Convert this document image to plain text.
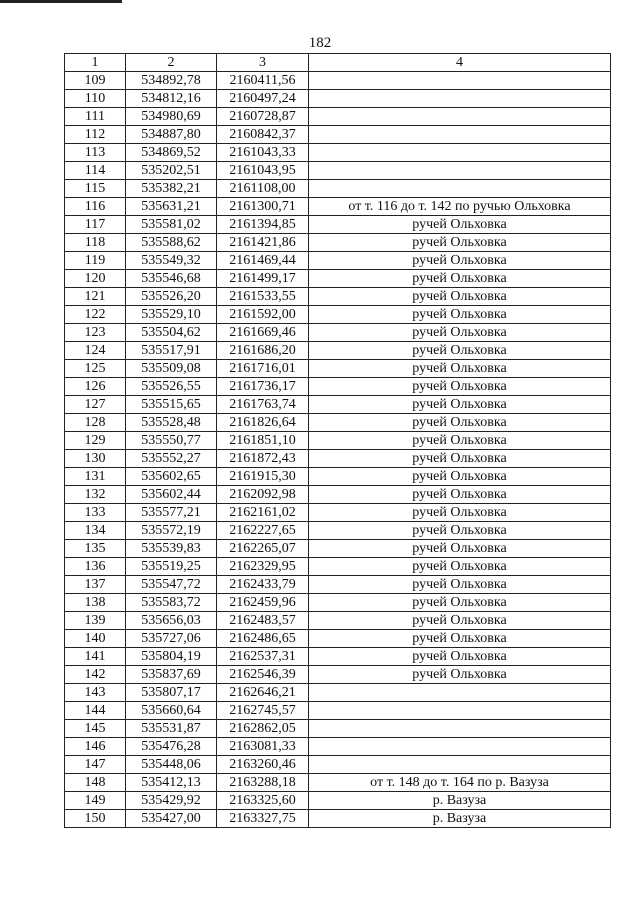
182
1	2	3	4
109	534892,78	2160411,56	
110	534812,16	2160497,24	
111	534980,69	2160728,87	
112	534887,80	2160842,37	
113	534869,52	2161043,33	
114	535202,51	2161043,95	
115	535382,21	2161108,00	
116	535631,21	2161300,71	от т. 116 до т. 142 по ручью Ольховка
117	535581,02	2161394,85	ручей Ольховка
118	535588,62	2161421,86	ручей Ольховка
119	535549,32	2161469,44	ручей Ольховка
120	535546,68	2161499,17	ручей Ольховка
121	535526,20	2161533,55	ручей Ольховка
122	535529,10	2161592,00	ручей Ольховка
123	535504,62	2161669,46	ручей Ольховка
124	535517,91	2161686,20	ручей Ольховка
125	535509,08	2161716,01	ручей Ольховка
126	535526,55	2161736,17	ручей Ольховка
127	535515,65	2161763,74	ручей Ольховка
128	535528,48	2161826,64	ручей Ольховка
129	535550,77	2161851,10	ручей Ольховка
130	535552,27	2161872,43	ручей Ольховка
131	535602,65	2161915,30	ручей Ольховка
132	535602,44	2162092,98	ручей Ольховка
133	535577,21	2162161,02	ручей Ольховка
134	535572,19	2162227,65	ручей Ольховка
135	535539,83	2162265,07	ручей Ольховка
136	535519,25	2162329,95	ручей Ольховка
137	535547,72	2162433,79	ручей Ольховка
138	535583,72	2162459,96	ручей Ольховка
139	535656,03	2162483,57	ручей Ольховка
140	535727,06	2162486,65	ручей Ольховка
141	535804,19	2162537,31	ручей Ольховка
142	535837,69	2162546,39	ручей Ольховка
143	535807,17	2162646,21	
144	535660,64	2162745,57	
145	535531,87	2162862,05	
146	535476,28	2163081,33	
147	535448,06	2163260,46	
148	535412,13	2163288,18	от т. 148 до т. 164 по р. Вазуза
149	535429,92	2163325,60	р. Вазуза
150	535427,00	2163327,75	р. Вазуза
